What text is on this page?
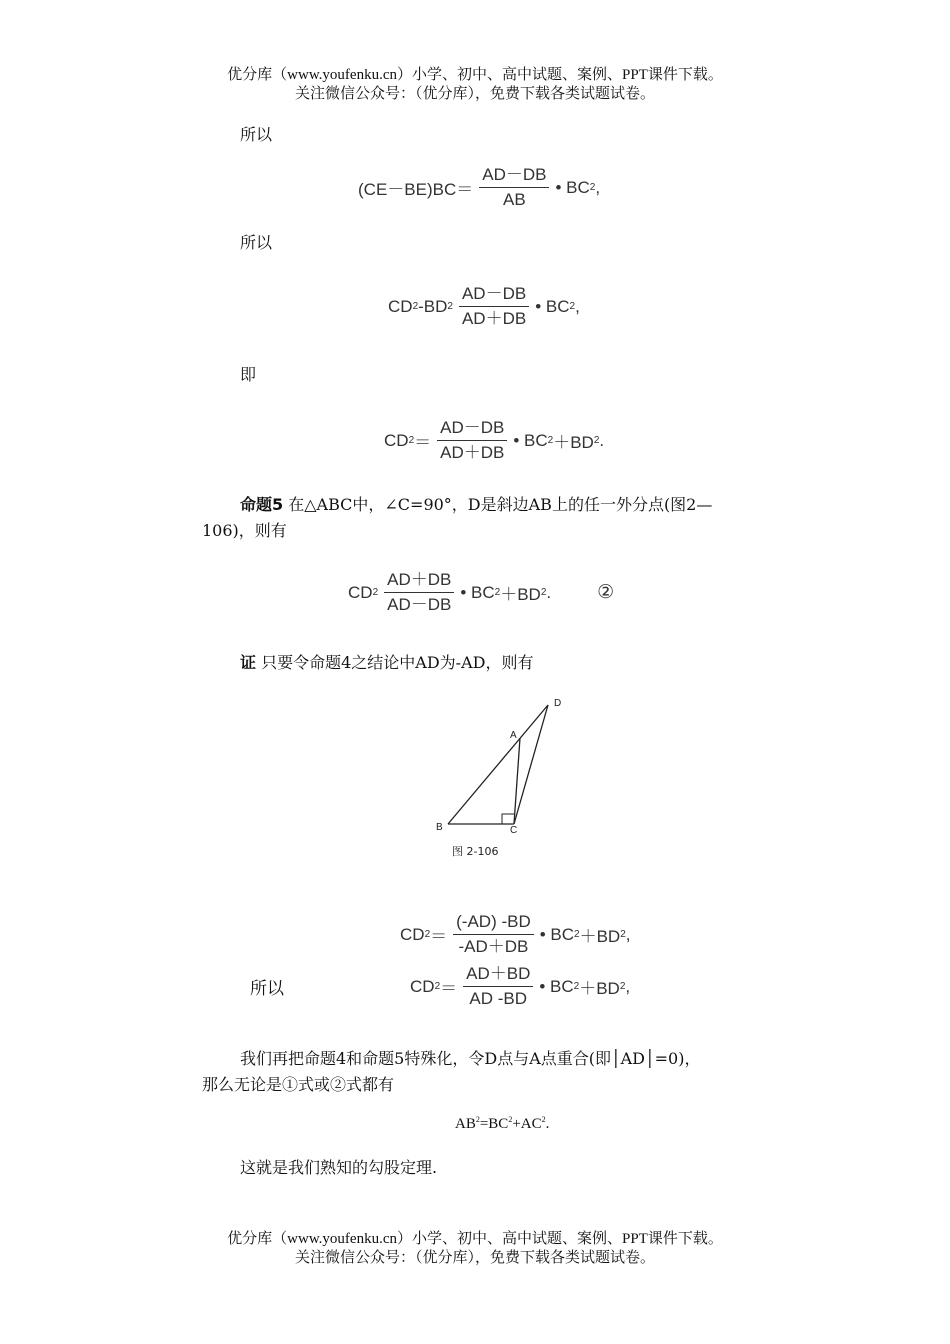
优分库（www.youfenku.cn）小学、初中、高中试题、案例、PPT课件下载。
关注微信公众号：（优分库），免费下载各类试题试卷。
所以
$(CE-BE)BC= \frac{AD-DB}{AB}$ • BC 2 ,
所以
CD 2 -BD $2 \frac{AD-DB}{AD+DB}$ • BC 2 ,
即
CD $2 = \frac{AD-DB}{AD+DB}$ • BC 2 ＋BD 2 .
命题5 在△ABC中，∠C=90°，D是斜边AB上的任一外分点(图2—
106)，则有
CD $2 \frac{AD+DB}{AD-DB}$ • BC 2 ＋BD 2 . ②
证 只要令命题4之结论中AD为-AD，则有
B	C
A
D
图 2-106
CD $2 = \frac{(-AD) -BD}{-AD+DB}$ • BC 2 ＋BD 2 ,
所以	CD $2 = \frac{AD+BD}{AD -BD}$ • BC 2 ＋BD 2 ,
我们再把命题4和命题5特殊化，令D点与A点重合(即│AD│=0)，
那么无论是①式或②式都有
$AB^2=BC^2+AC^2$.
这就是我们熟知的勾股定理.
优分库（www.youfenku.cn）小学、初中、高中试题、案例、PPT课件下载。
关注微信公众号：（优分库），免费下载各类试题试卷。
